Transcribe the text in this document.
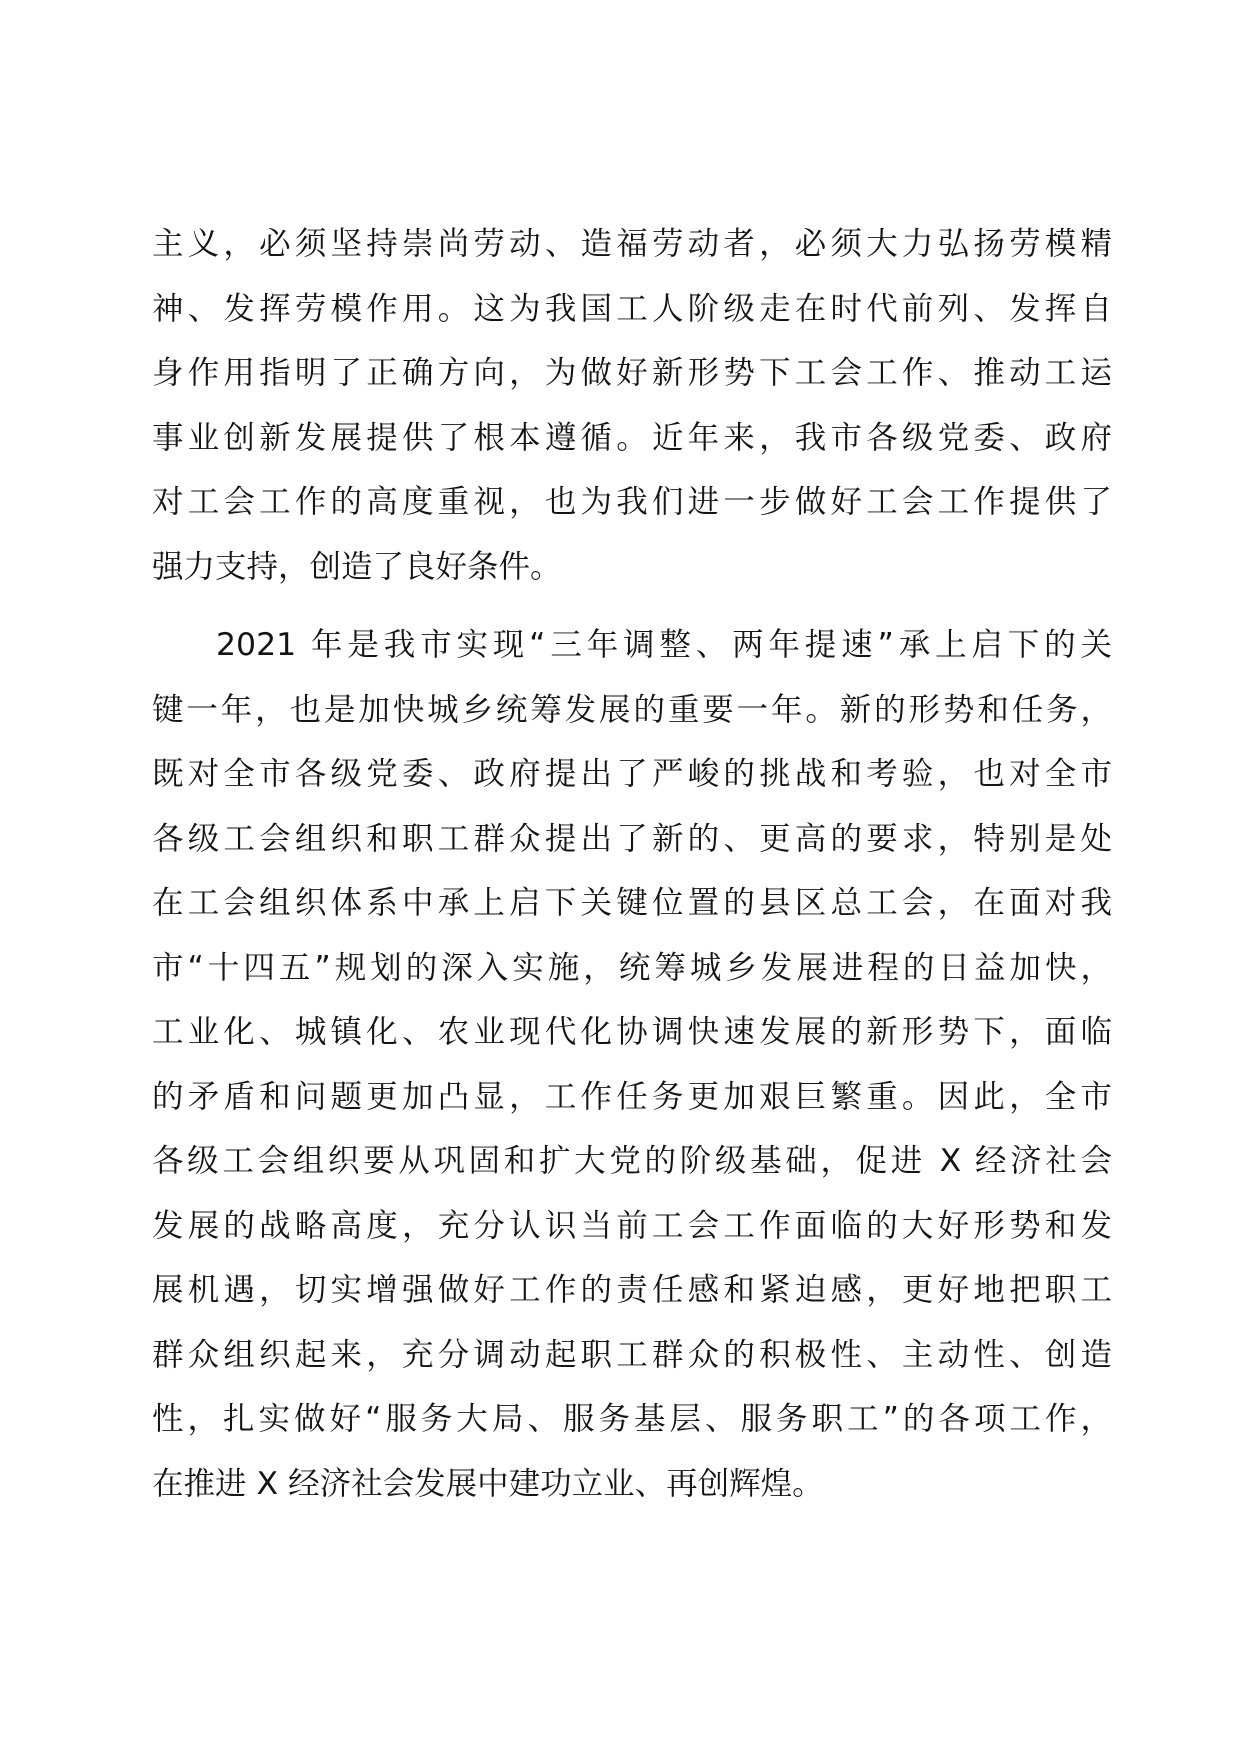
主义，必须坚持崇尚劳动、造福劳动者，必须大力弘扬劳模精
神、发挥劳模作用。这为我国工人阶级走在时代前列、发挥自
身作用指明了正确方向，为做好新形势下工会工作、推动工运
事业创新发展提供了根本遵循。近年来，我市各级党委、政府
对工会工作的高度重视，也为我们进一步做好工会工作提供了
强力支持，创造了良好条件。
2021 年是我市实现“三年调整、两年提速”承上启下的关
键一年，也是加快城乡统筹发展的重要一年。新的形势和任务，
既对全市各级党委、政府提出了严峻的挑战和考验，也对全市
各级工会组织和职工群众提出了新的、更高的要求，特别是处
在工会组织体系中承上启下关键位置的县区总工会，在面对我
市“十四五”规划的深入实施，统筹城乡发展进程的日益加快，
工业化、城镇化、农业现代化协调快速发展的新形势下，面临
的矛盾和问题更加凸显，工作任务更加艰巨繁重。因此，全市
各级工会组织要从巩固和扩大党的阶级基础，促进 X 经济社会
发展的战略高度，充分认识当前工会工作面临的大好形势和发
展机遇，切实增强做好工作的责任感和紧迫感，更好地把职工
群众组织起来，充分调动起职工群众的积极性、主动性、创造
性，扎实做好“服务大局、服务基层、服务职工”的各项工作，
在推进 X 经济社会发展中建功立业、再创辉煌。
